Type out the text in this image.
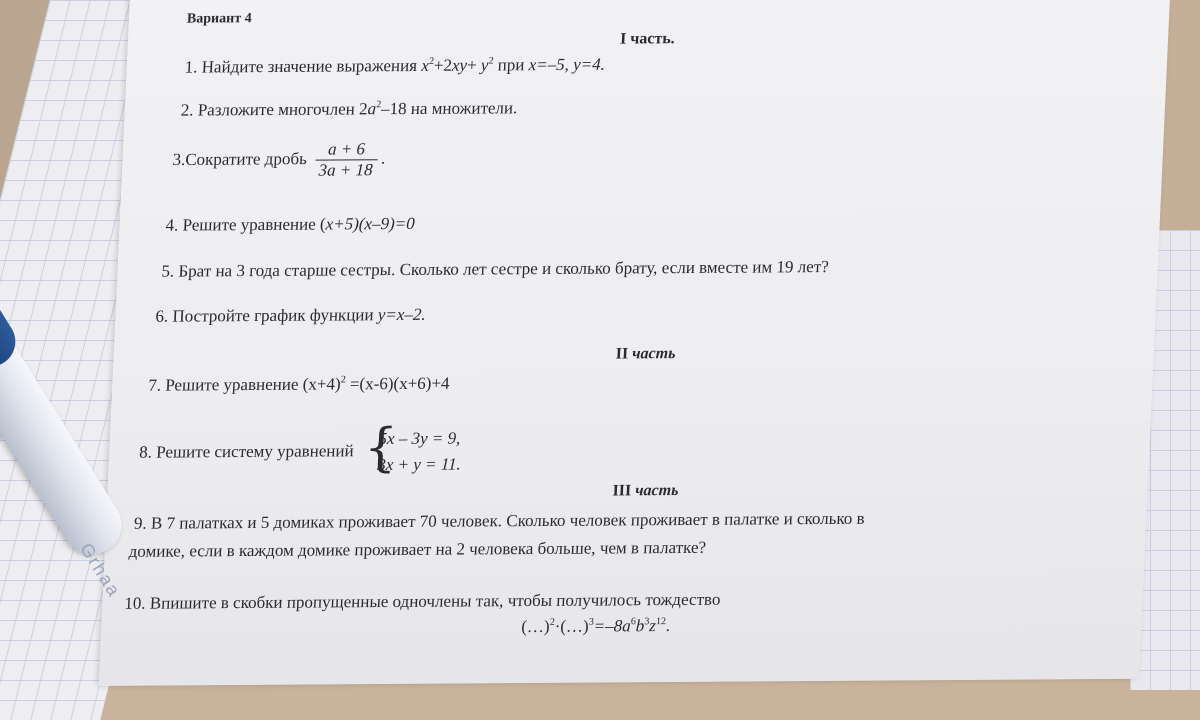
Вариант 4
I часть.
1. Найдите значение выражения $x^2+2xy+ y^2$ при x=–5, y=4.
2. Разложите многочлен $2a^2-18$ на множители.
3.Сократите дробь $\frac{a + 6}{3a + 18}$ .
4. Решите уравнение (x+5)(x–9)=0
5. Брат на 3 года старше сестры. Сколько лет сестре и сколько брату, если вместе им 19 лет?
6. Постройте график функции y=x–2.
II часть
7. Решите уравнение $(x+4)^2 =(x-6)(x+6)+4$
8. Решите систему уравнений {
5x – 3y = 9,
3x + y = 11.
III часть
9. В 7 палатках и 5 домиках проживает 70 человек. Сколько человек проживает в палатке и сколько в
домике, если в каждом домике проживает на 2 человека больше, чем в палатке?
10. Впишите в скобки пропущенные одночлены так, чтобы получилось тождество
$(\dots)^2\cdot(\dots)^3=-8a^6b^3z^{12}$.
Grhaa
